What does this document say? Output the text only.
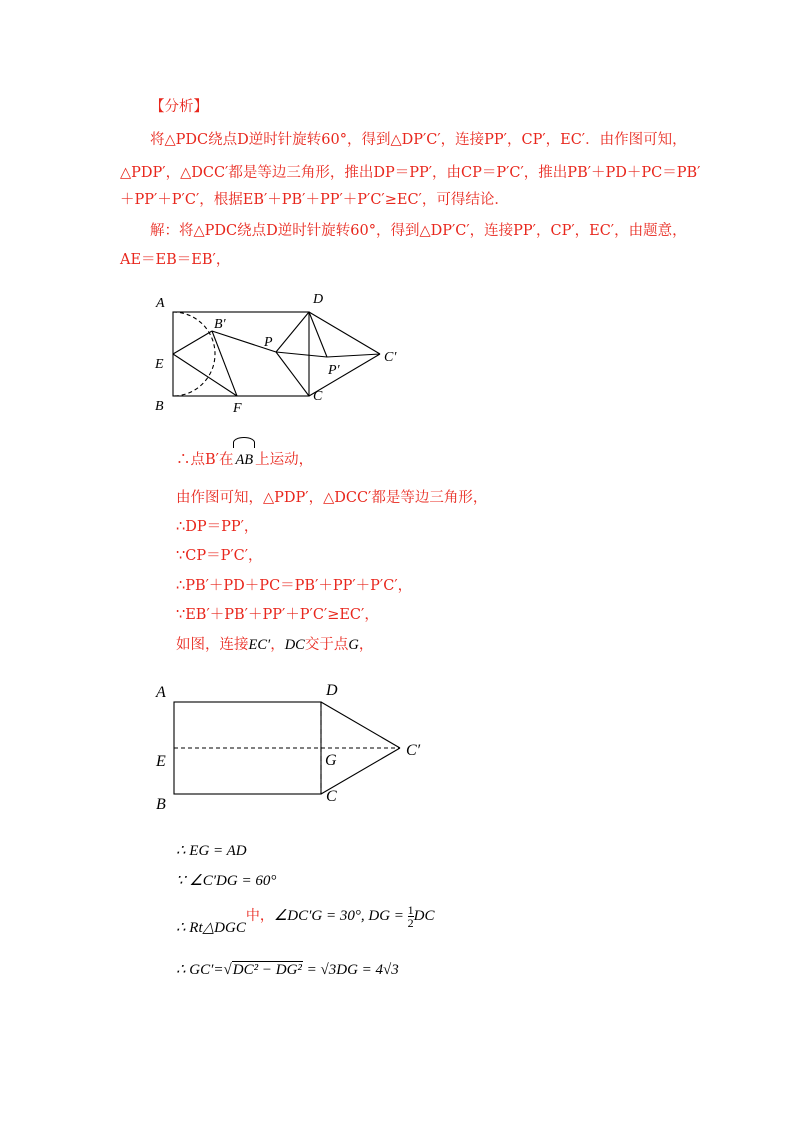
【分析】
将△PDC绕点D逆时针旋转60°，得到△DP′C′，连接PP′，CP′，EC′．由作图可知，
△PDP′，△DCC′都是等边三角形，推出DP＝PP′，由CP＝P′C′，推出PB′＋PD＋PC＝PB′
＋PP′＋P′C′，根据EB′＋PB′＋PP′＋P′C′≥EC′，可得结论．
解：将△PDC绕点D逆时针旋转60°，得到△DP′C′，连接PP′，CP′，EC′，由题意，
AE＝EB＝EB′，
A
B′
D
P
E	C′
P′
B	F
C
∴点B′在 AB 上运动，
由作图可知，△PDP′，△DCC′都是等边三角形，
∴DP＝PP′，
∵CP＝P′C′，
∴PB′＋PD＋PC＝PB′＋PP′＋P′C′，
∵EB′＋PB′＋PP′＋P′C′≥EC′，
如图，连接EC′，DC交于点G，
A	D
E	G
C′
B	C
∴ EG = AD
∵ ∠C′DG = 60°
∴ Rt△DGC中，∠DC′G = 30°, DG = $\frac{1}{2}$ DC
∴ GC′=√DC² − DG² = √3DG = 4√3
